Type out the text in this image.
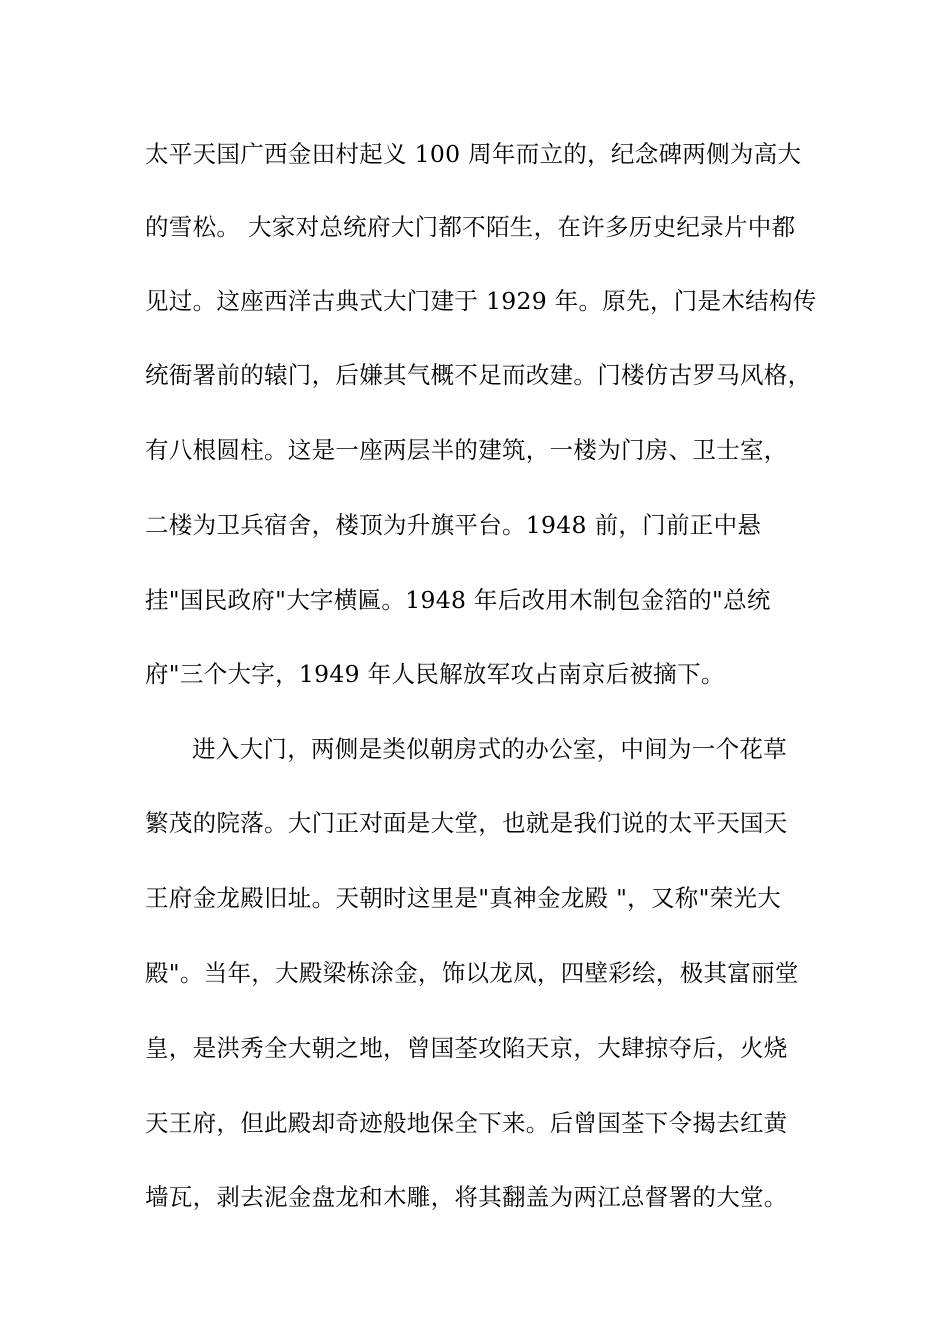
太平天国广西金田村起义 100 周年而立的，纪念碑两侧为高大
的雪松。 大家对总统府大门都不陌生，在许多历史纪录片中都
见过。这座西洋古典式大门建于 1929 年。原先，门是木结构传
统衙署前的辕门，后嫌其气概不足而改建。门楼仿古罗马风格，
有八根圆柱。这是一座两层半的建筑，一楼为门房、卫士室，
二楼为卫兵宿舍，楼顶为升旗平台。1948 前，门前正中悬
挂"国民政府"大字横匾。1948 年后改用木制包金箔的"总统
府"三个大字，1949 年人民解放军攻占南京后被摘下。
进入大门，两侧是类似朝房式的办公室，中间为一个花草
繁茂的院落。大门正对面是大堂，也就是我们说的太平天国天
王府金龙殿旧址。天朝时这里是"真神金龙殿 "，又称"荣光大
殿"。当年，大殿梁栋涂金，饰以龙凤，四壁彩绘，极其富丽堂
皇，是洪秀全大朝之地，曾国荃攻陷天京，大肆掠夺后，火烧
天王府，但此殿却奇迹般地保全下来。后曾国荃下令揭去红黄
墙瓦，剥去泥金盘龙和木雕，将其翻盖为两江总督署的大堂。
